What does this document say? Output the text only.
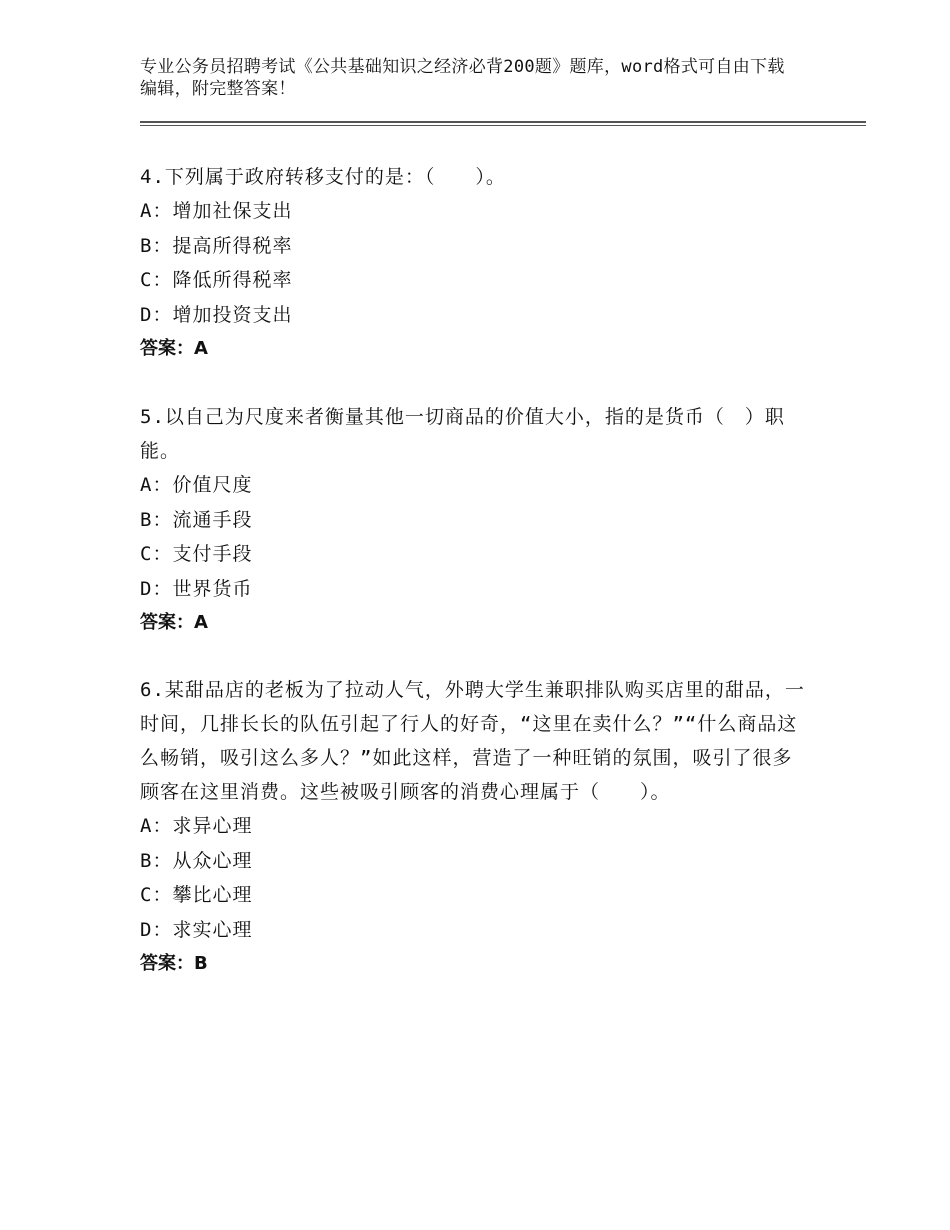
专业公务员招聘考试《公共基础知识之经济必背200题》题库，word格式可自由下载编辑，附完整答案！
4.下列属于政府转移支付的是：（　　）。
A：增加社保支出
B：提高所得税率
C：降低所得税率
D：增加投资支出
答案：A
5.以自己为尺度来者衡量其他一切商品的价值大小，指的是货币（　）职能。
A：价值尺度
B：流通手段
C：支付手段
D：世界货币
答案：A
6.某甜品店的老板为了拉动人气，外聘大学生兼职排队购买店里的甜品，一时间，几排长长的队伍引起了行人的好奇，“这里在卖什么？”“什么商品这么畅销，吸引这么多人？”如此这样，营造了一种旺销的氛围，吸引了很多顾客在这里消费。这些被吸引顾客的消费心理属于（　　）。
A：求异心理
B：从众心理
C：攀比心理
D：求实心理
答案：B
